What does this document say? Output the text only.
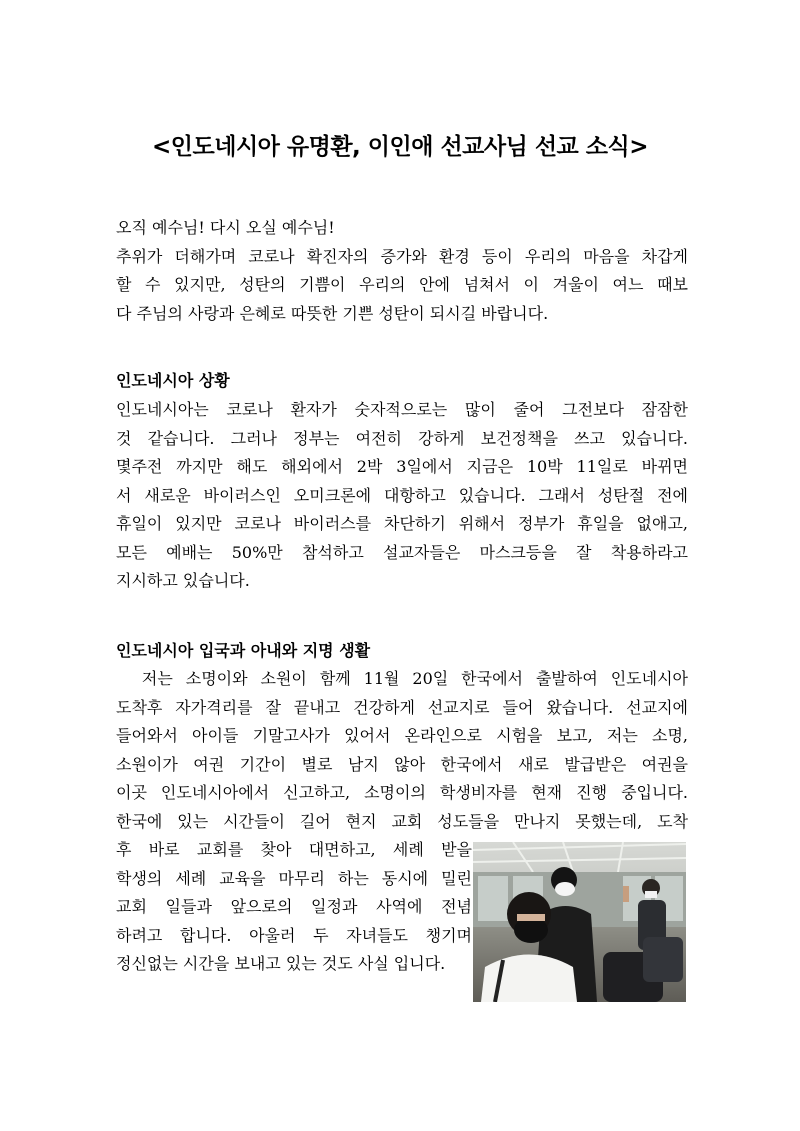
<인도네시아 유명환, 이인애 선교사님 선교 소식>
오직 예수님! 다시 오실 예수님!
추위가 더해가며 코로나 확진자의 증가와 환경 등이 우리의 마음을 차갑게
할 수 있지만, 성탄의 기쁨이 우리의 안에 넘쳐서 이 겨울이 여느 때보
다 주님의 사랑과 은혜로 따뜻한 기쁜 성탄이 되시길 바랍니다.
인도네시아 상황
인도네시아는 코로나 환자가 숫자적으로는 많이 줄어 그전보다 잠잠한
것 같습니다. 그러나 정부는 여전히 강하게 보건정책을 쓰고 있습니다.
몇주전 까지만 해도 해외에서 2박 3일에서 지금은 10박 11일로 바뀌면
서 새로운 바이러스인 오미크론에 대항하고 있습니다. 그래서 성탄절 전에
휴일이 있지만 코로나 바이러스를 차단하기 위해서 정부가 휴일을 없애고,
모든 예배는 50%만 참석하고 설교자들은 마스크등을 잘 착용하라고
지시하고 있습니다.
인도네시아 입국과 아내와 지명 생활
저는 소명이와 소원이 함께 11월 20일 한국에서 출발하여 인도네시아
도착후 자가격리를 잘 끝내고 건강하게 선교지로 들어 왔습니다. 선교지에
들어와서 아이들 기말고사가 있어서 온라인으로 시험을 보고, 저는 소명,
소원이가 여권 기간이 별로 남지 않아 한국에서 새로 발급받은 여권을
이곳 인도네시아에서 신고하고, 소명이의 학생비자를 현재 진행 중입니다.
한국에 있는 시간들이 길어 현지 교회 성도들을 만나지 못했는데, 도착
후 바로 교회를 찾아 대면하고, 세례 받을
학생의 세례 교육을 마무리 하는 동시에 밀린
교회 일들과 앞으로의 일정과 사역에 전념
하려고 합니다. 아울러 두 자녀들도 챙기며
정신없는 시간을 보내고 있는 것도 사실 입니다.
